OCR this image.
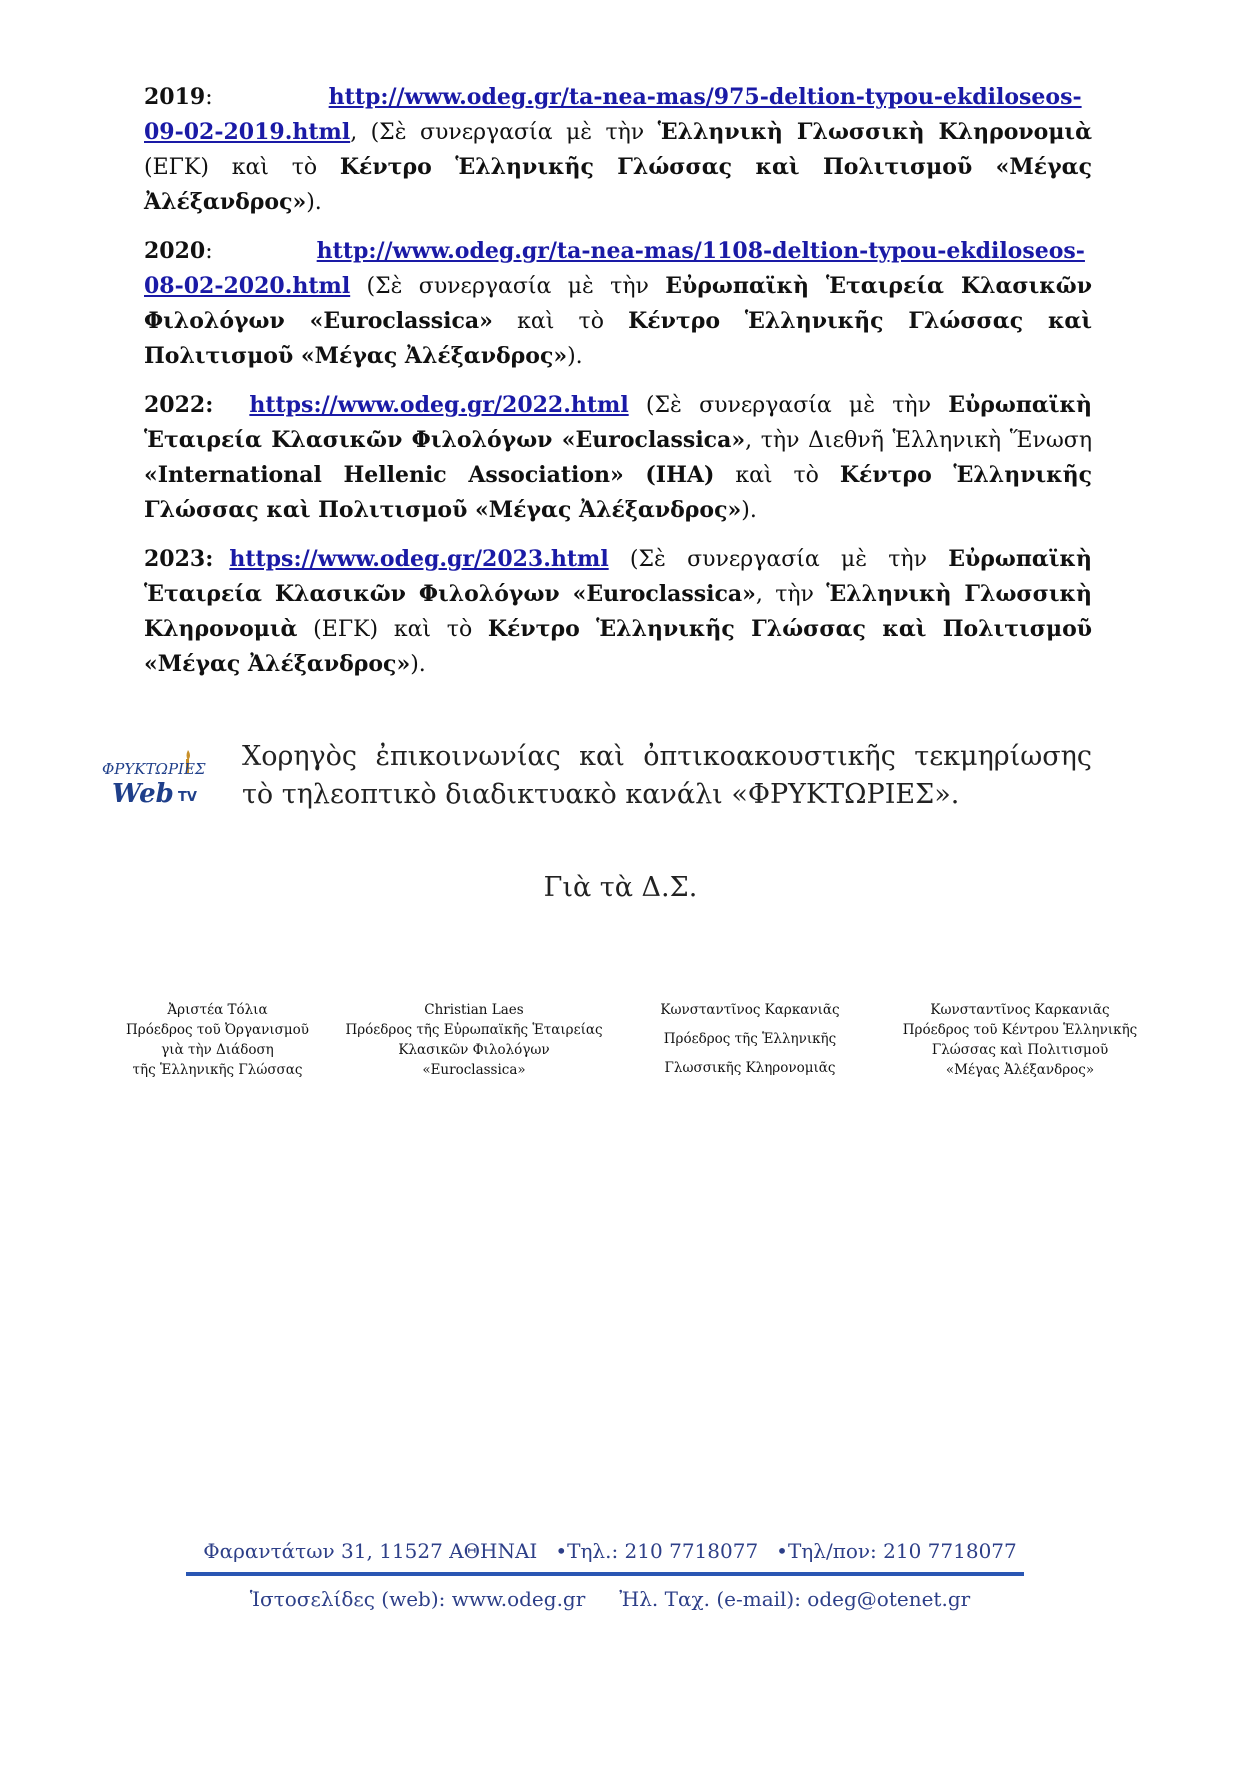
2019:	http://www.odeg.gr/ta-nea-mas/975-deltion-typou-ekdiloseos-09-02-2019.html, (Σὲ συνεργασία μὲ τὴν Ἑλληνικὴ Γλωσσικὴ Κληρονομιὰ (ΕΓΚ) καὶ τὸ Κέντρο Ἑλληνικῆς Γλώσσας καὶ Πολιτισμοῦ «Μέγας Ἀλέξανδρος»).

2020:	http://www.odeg.gr/ta-nea-mas/1108-deltion-typou-ekdiloseos-08-02-2020.html (Σὲ συνεργασία μὲ τὴν Εὐρωπαϊκὴ Ἑταιρεία Κλασικῶν Φιλολόγων «Euroclassica» καὶ τὸ Κέντρο Ἑλληνικῆς Γλώσσας καὶ Πολιτισμοῦ «Μέγας Ἀλέξανδρος»).

2022: https://www.odeg.gr/2022.html (Σὲ συνεργασία μὲ τὴν Εὐρωπαϊκὴ Ἑταιρεία Κλασικῶν Φιλολόγων «Euroclassica», τὴν Διεθνῆ Ἑλληνικὴ Ἕνωση «International Hellenic Association» (IHA) καὶ τὸ Κέντρο Ἑλληνικῆς Γλώσσας καὶ Πολιτισμοῦ «Μέγας Ἀλέξανδρος»).

2023: https://www.odeg.gr/2023.html (Σὲ συνεργασία μὲ τὴν Εὐρωπαϊκὴ Ἑταιρεία Κλασικῶν Φιλολόγων «Euroclassica», τὴν Ἑλληνικὴ Γλωσσικὴ Κληρονομιὰ (ΕΓΚ) καὶ τὸ Κέντρο Ἑλληνικῆς Γλώσσας καὶ Πολιτισμοῦ «Μέγας Ἀλέξανδρος»).

ΦΡΥΚΤΩΡΙΕΣ
Web TV
Χορηγὸς ἐπικοινωνίας καὶ ὀπτικοακουστικῆς τεκμηρίωσης τὸ τηλεοπτικὸ διαδικτυακὸ κανάλι «ΦΡΥΚΤΩΡΙΕΣ».
Γιὰ τὰ Δ.Σ.
Ἀριστέα Τόλια
Πρόεδρος τοῦ Ὀργανισμοῦ
γιὰ τὴν Διάδοση
τῆς Ἑλληνικῆς Γλώσσας
Christian Laes
Πρόεδρος τῆς Εὐρωπαϊκῆς Ἑταιρείας
Κλασικῶν Φιλολόγων
«Euroclassica»
Κωνσταντῖνος Καρκανιᾶς
Πρόεδρος τῆς Ἑλληνικῆς
Γλωσσικῆς Κληρονομιᾶς
Κωνσταντῖνος Καρκανιᾶς
Πρόεδρος τοῦ Κέντρου Ἑλληνικῆς
Γλώσσας καὶ Πολιτισμοῦ
«Μέγας Ἀλέξανδρος»
Φαραντάτων 31, 11527 ΑΘΗΝΑΙ •Τηλ.: 210 7718077 •Τηλ/πον: 210 7718077
Ἱστοσελίδες (web): www.odeg.gr Ἠλ. Ταχ. (e-mail): odeg@otenet.gr
